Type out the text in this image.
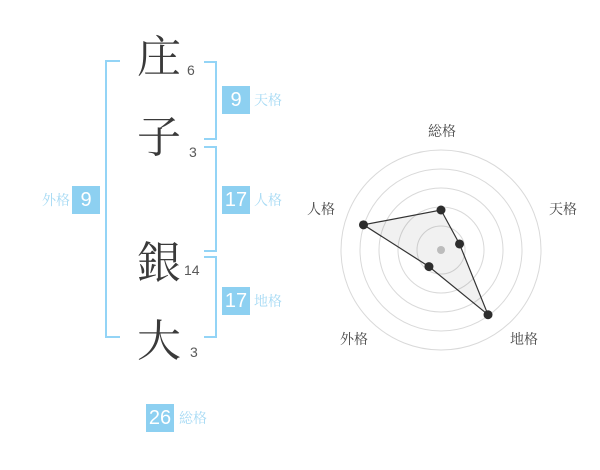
庄
子
銀
大
6
3
14
3
9
17
17
9
26
天格
人格
地格
外格
総格
総格
天格
地格
外格
人格
